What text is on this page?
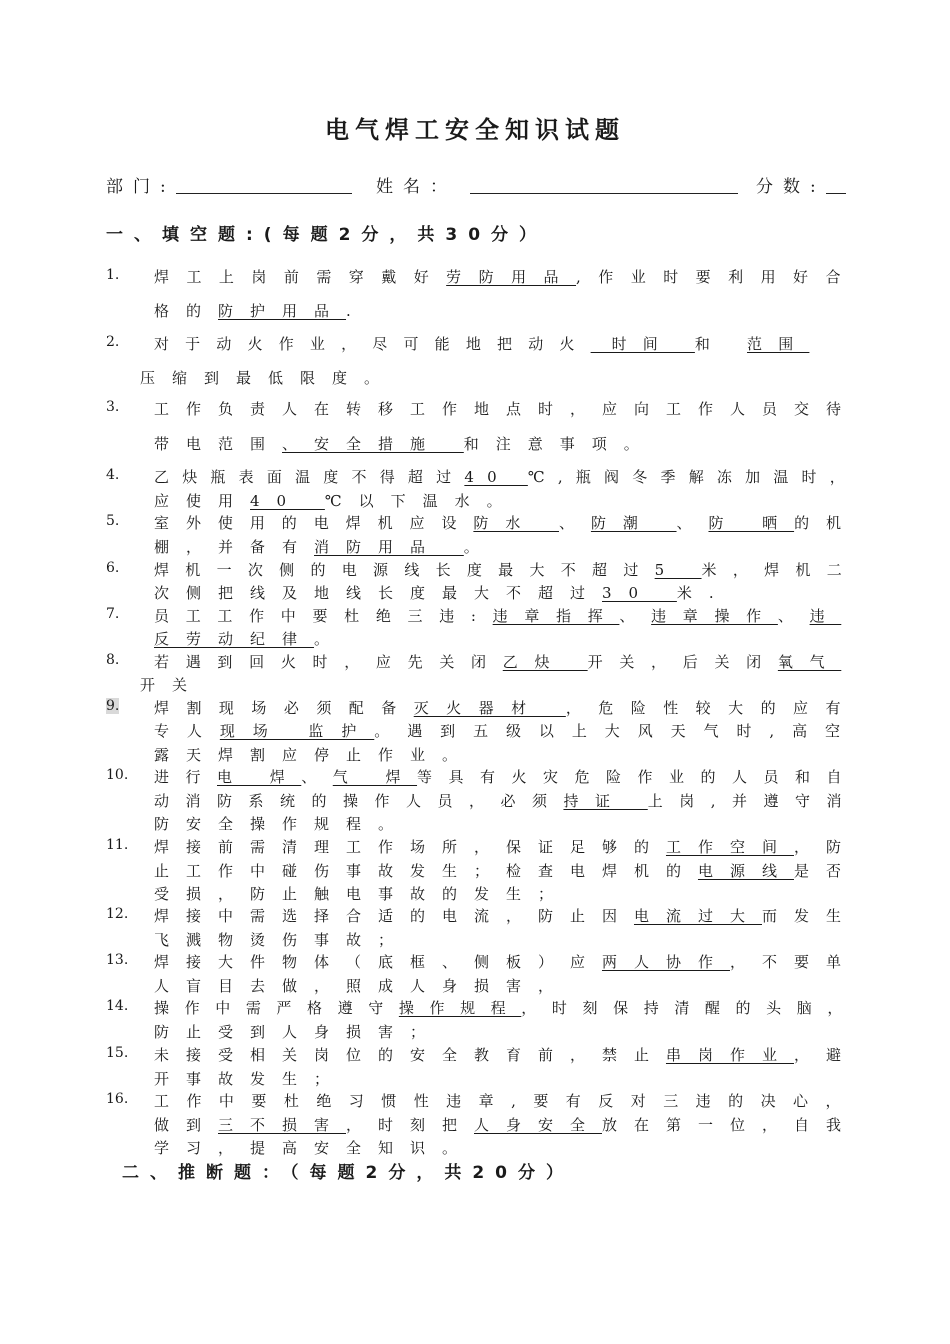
电气焊工安全知识试题
部门:	姓名：	分数:
一、填空题:(每题2分，共30分）
1. 焊工上岗前需穿戴好劳防用品,作业时要利用好合
格的防护用品.
2. 对于动火作业，尽可能地把动火 时间 和 范围
压缩到最低限度。
3. 工作负责人在转移工作地点时，应向工作人员交待
带电范围、安全措施 和注意事项。
4. 乙炔瓶表面温度不得超过40 ℃,瓶阀冬季解冻加温时，
应使用40 ℃以下温水。
5. 室外使用的电焊机应设防水 、防潮 、防 晒的机
棚，并备有消防用品 。
6. 焊机一次侧的电源线长度最大不超过5 米，焊机二
次侧把线及地线长度最大不超过30 米.
7. 员工工作中要杜绝三违:违章指挥、违章操作、违
反劳动纪律。
8. 若遇到回火时，应先关闭乙炔 开关，后关闭氧气
开关
9. 焊割现场必须配备灭火器材 ，危险性较大的应有
专人现场 监护。遇到五级以上大风天气时,高空
露天焊割应停止作业。
10. 进行电 焊、气 焊等具有火灾危险作业的人员和自
动消防系统的操作人员，必须持证 上岗,并遵守消
防安全操作规程。
11. 焊接前需清理工作场所，保证足够的工作空间，防
止工作中碰伤事故发生；检查电焊机的电源线是否
受损，防止触电事故的发生；
12. 焊接中需选择合适的电流，防止因电流过大而发生
飞溅物烫伤事故；
13. 焊接大件物体（底框、侧板）应两人协作，不要单
人盲目去做，照成人身损害，
14. 操作中需严格遵守操作规程，时刻保持清醒的头脑，
防止受到人身损害；
15. 未接受相关岗位的安全教育前，禁止串岗作业，避
开事故发生；
16. 工作中要杜绝习惯性违章,要有反对三违的决心，
做到三不损害，时刻把人身安全放在第一位，自我
学习，提高安全知识。
二、推断题：（每题2分，共20分）
